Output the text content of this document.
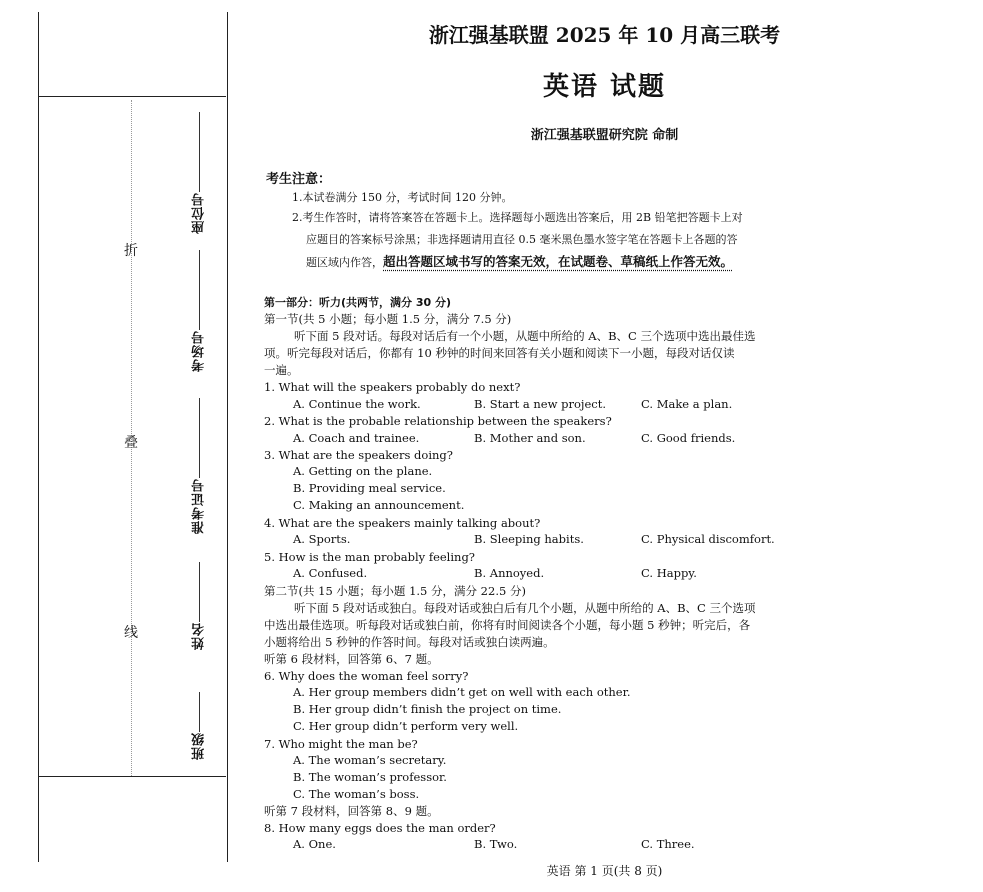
折
叠
线
座位号
考场号
准考证号
姓名
班级
浙江强基联盟 2025 年 10 月高三联考
英语 试题
浙江强基联盟研究院 命制
考生注意：
1.本试卷满分 150 分，考试时间 120 分钟。
2.考生作答时，请将答案答在答题卡上。选择题每小题选出答案后，用 2B 铅笔把答题卡上对
应题目的答案标号涂黑；非选择题请用直径 0.5 毫米黑色墨水签字笔在答题卡上各题的答
题区域内作答，超出答题区域书写的答案无效，在试题卷、草稿纸上作答无效。
第一部分：听力(共两节，满分 30 分)
第一节(共 5 小题；每小题 1.5 分，满分 7.5 分)
听下面 5 段对话。每段对话后有一个小题，从题中所给的 A、B、C 三个选项中选出最佳选
项。听完每段对话后，你都有 10 秒钟的时间来回答有关小题和阅读下一小题，每段对话仅读
一遍。
1. What will the speakers probably do next?
A. Continue the work.	B. Start a new project.	C. Make a plan.
2. What is the probable relationship between the speakers?
A. Coach and trainee.	B. Mother and son.	C. Good friends.
3. What are the speakers doing?
A. Getting on the plane.
B. Providing meal service.
C. Making an announcement.
4. What are the speakers mainly talking about?
A. Sports.	B. Sleeping habits.	C. Physical discomfort.
5. How is the man probably feeling?
A. Confused.	B. Annoyed.	C. Happy.
第二节(共 15 小题；每小题 1.5 分，满分 22.5 分)
听下面 5 段对话或独白。每段对话或独白后有几个小题，从题中所给的 A、B、C 三个选项
中选出最佳选项。听每段对话或独白前，你将有时间阅读各个小题，每小题 5 秒钟；听完后，各
小题将给出 5 秒钟的作答时间。每段对话或独白读两遍。
听第 6 段材料，回答第 6、7 题。
6. Why does the woman feel sorry?
A. Her group members didn’t get on well with each other.
B. Her group didn’t finish the project on time.
C. Her group didn’t perform very well.
7. Who might the man be?
A. The woman’s secretary.
B. The woman’s professor.
C. The woman’s boss.
听第 7 段材料，回答第 8、9 题。
8. How many eggs does the man order?
A. One.	B. Two.	C. Three.
英语 第 1 页(共 8 页)
